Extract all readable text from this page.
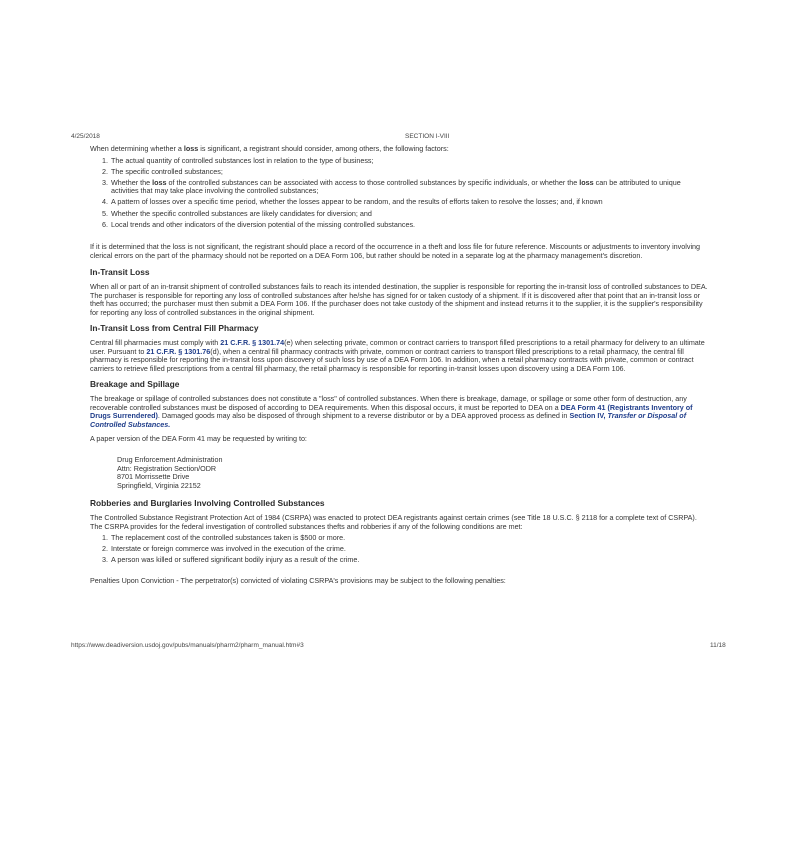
4/25/2018	SECTION I-VIII

When determining whether a loss is significant, a registrant should consider, among others, the following factors:

1. The actual quantity of controlled substances lost in relation to the type of business;
2. The specific controlled substances;
3. Whether the loss of the controlled substances can be associated with access to those controlled substances by specific individuals, or whether the loss can be attributed to unique activities that may take place involving the controlled substances;
4. A pattern of losses over a specific time period, whether the losses appear to be random, and the results of efforts taken to resolve the losses; and, if known
5. Whether the specific controlled substances are likely candidates for diversion; and
6. Local trends and other indicators of the diversion potential of the missing controlled substances.

If it is determined that the loss is not significant, the registrant should place a record of the occurrence in a theft and loss file for future reference. Miscounts or adjustments to inventory involving clerical errors on the part of the pharmacy should not be reported on a DEA Form 106, but rather should be noted in a separate log at the pharmacy management's discretion.

In-Transit Loss

When all or part of an in-transit shipment of controlled substances fails to reach its intended destination, the supplier is responsible for reporting the in-transit loss of controlled substances to DEA. The purchaser is responsible for reporting any loss of controlled substances after he/she has signed for or taken custody of a shipment. If it is discovered after that point that an in-transit loss or theft has occurred; the purchaser must then submit a DEA Form 106. If the purchaser does not take custody of the shipment and instead returns it to the supplier, it is the supplier's responsibility for reporting any loss of controlled substances in the original shipment.

In-Transit Loss from Central Fill Pharmacy

Central fill pharmacies must comply with 21 C.F.R. § 1301.74(e) when selecting private, common or contract carriers to transport filled prescriptions to a retail pharmacy for delivery to an ultimate user. Pursuant to 21 C.F.R. § 1301.76(d), when a central fill pharmacy contracts with private, common or contract carriers to transport filled prescriptions to a retail pharmacy, the central fill pharmacy is responsible for reporting the in-transit loss upon discovery of such loss by use of a DEA Form 106. In addition, when a retail pharmacy contracts with private, common or contract carriers to retrieve filled prescriptions from a central fill pharmacy, the retail pharmacy is responsible for reporting in-transit losses upon discovery using a DEA Form 106.

Breakage and Spillage

The breakage or spillage of controlled substances does not constitute a "loss" of controlled substances. When there is breakage, damage, or spillage or some other form of destruction, any recoverable controlled substances must be disposed of according to DEA requirements. When this disposal occurs, it must be reported to DEA on a DEA Form 41 (Registrants Inventory of Drugs Surrendered). Damaged goods may also be disposed of through shipment to a reverse distributor or by a DEA approved process as defined in Section IV, Transfer or Disposal of Controlled Substances.

A paper version of the DEA Form 41 may be requested by writing to:

Drug Enforcement Administration
Attn: Registration Section/ODR
8701 Morrissette Drive
Springfield, Virginia 22152
Robberies and Burglaries Involving Controlled Substances

The Controlled Substance Registrant Protection Act of 1984 (CSRPA) was enacted to protect DEA registrants against certain crimes (see Title 18 U.S.C. § 2118 for a complete text of CSRPA). The CSRPA provides for the federal investigation of controlled substances thefts and robberies if any of the following conditions are met:

1. The replacement cost of the controlled substances taken is $500 or more.
2. Interstate or foreign commerce was involved in the execution of the crime.
3. A person was killed or suffered significant bodily injury as a result of the crime.

Penalties Upon Conviction - The perpetrator(s) convicted of violating CSRPA's provisions may be subject to the following penalties:

https://www.deadiversion.usdoj.gov/pubs/manuals/pharm2/pharm_manual.htm#3	11/18
